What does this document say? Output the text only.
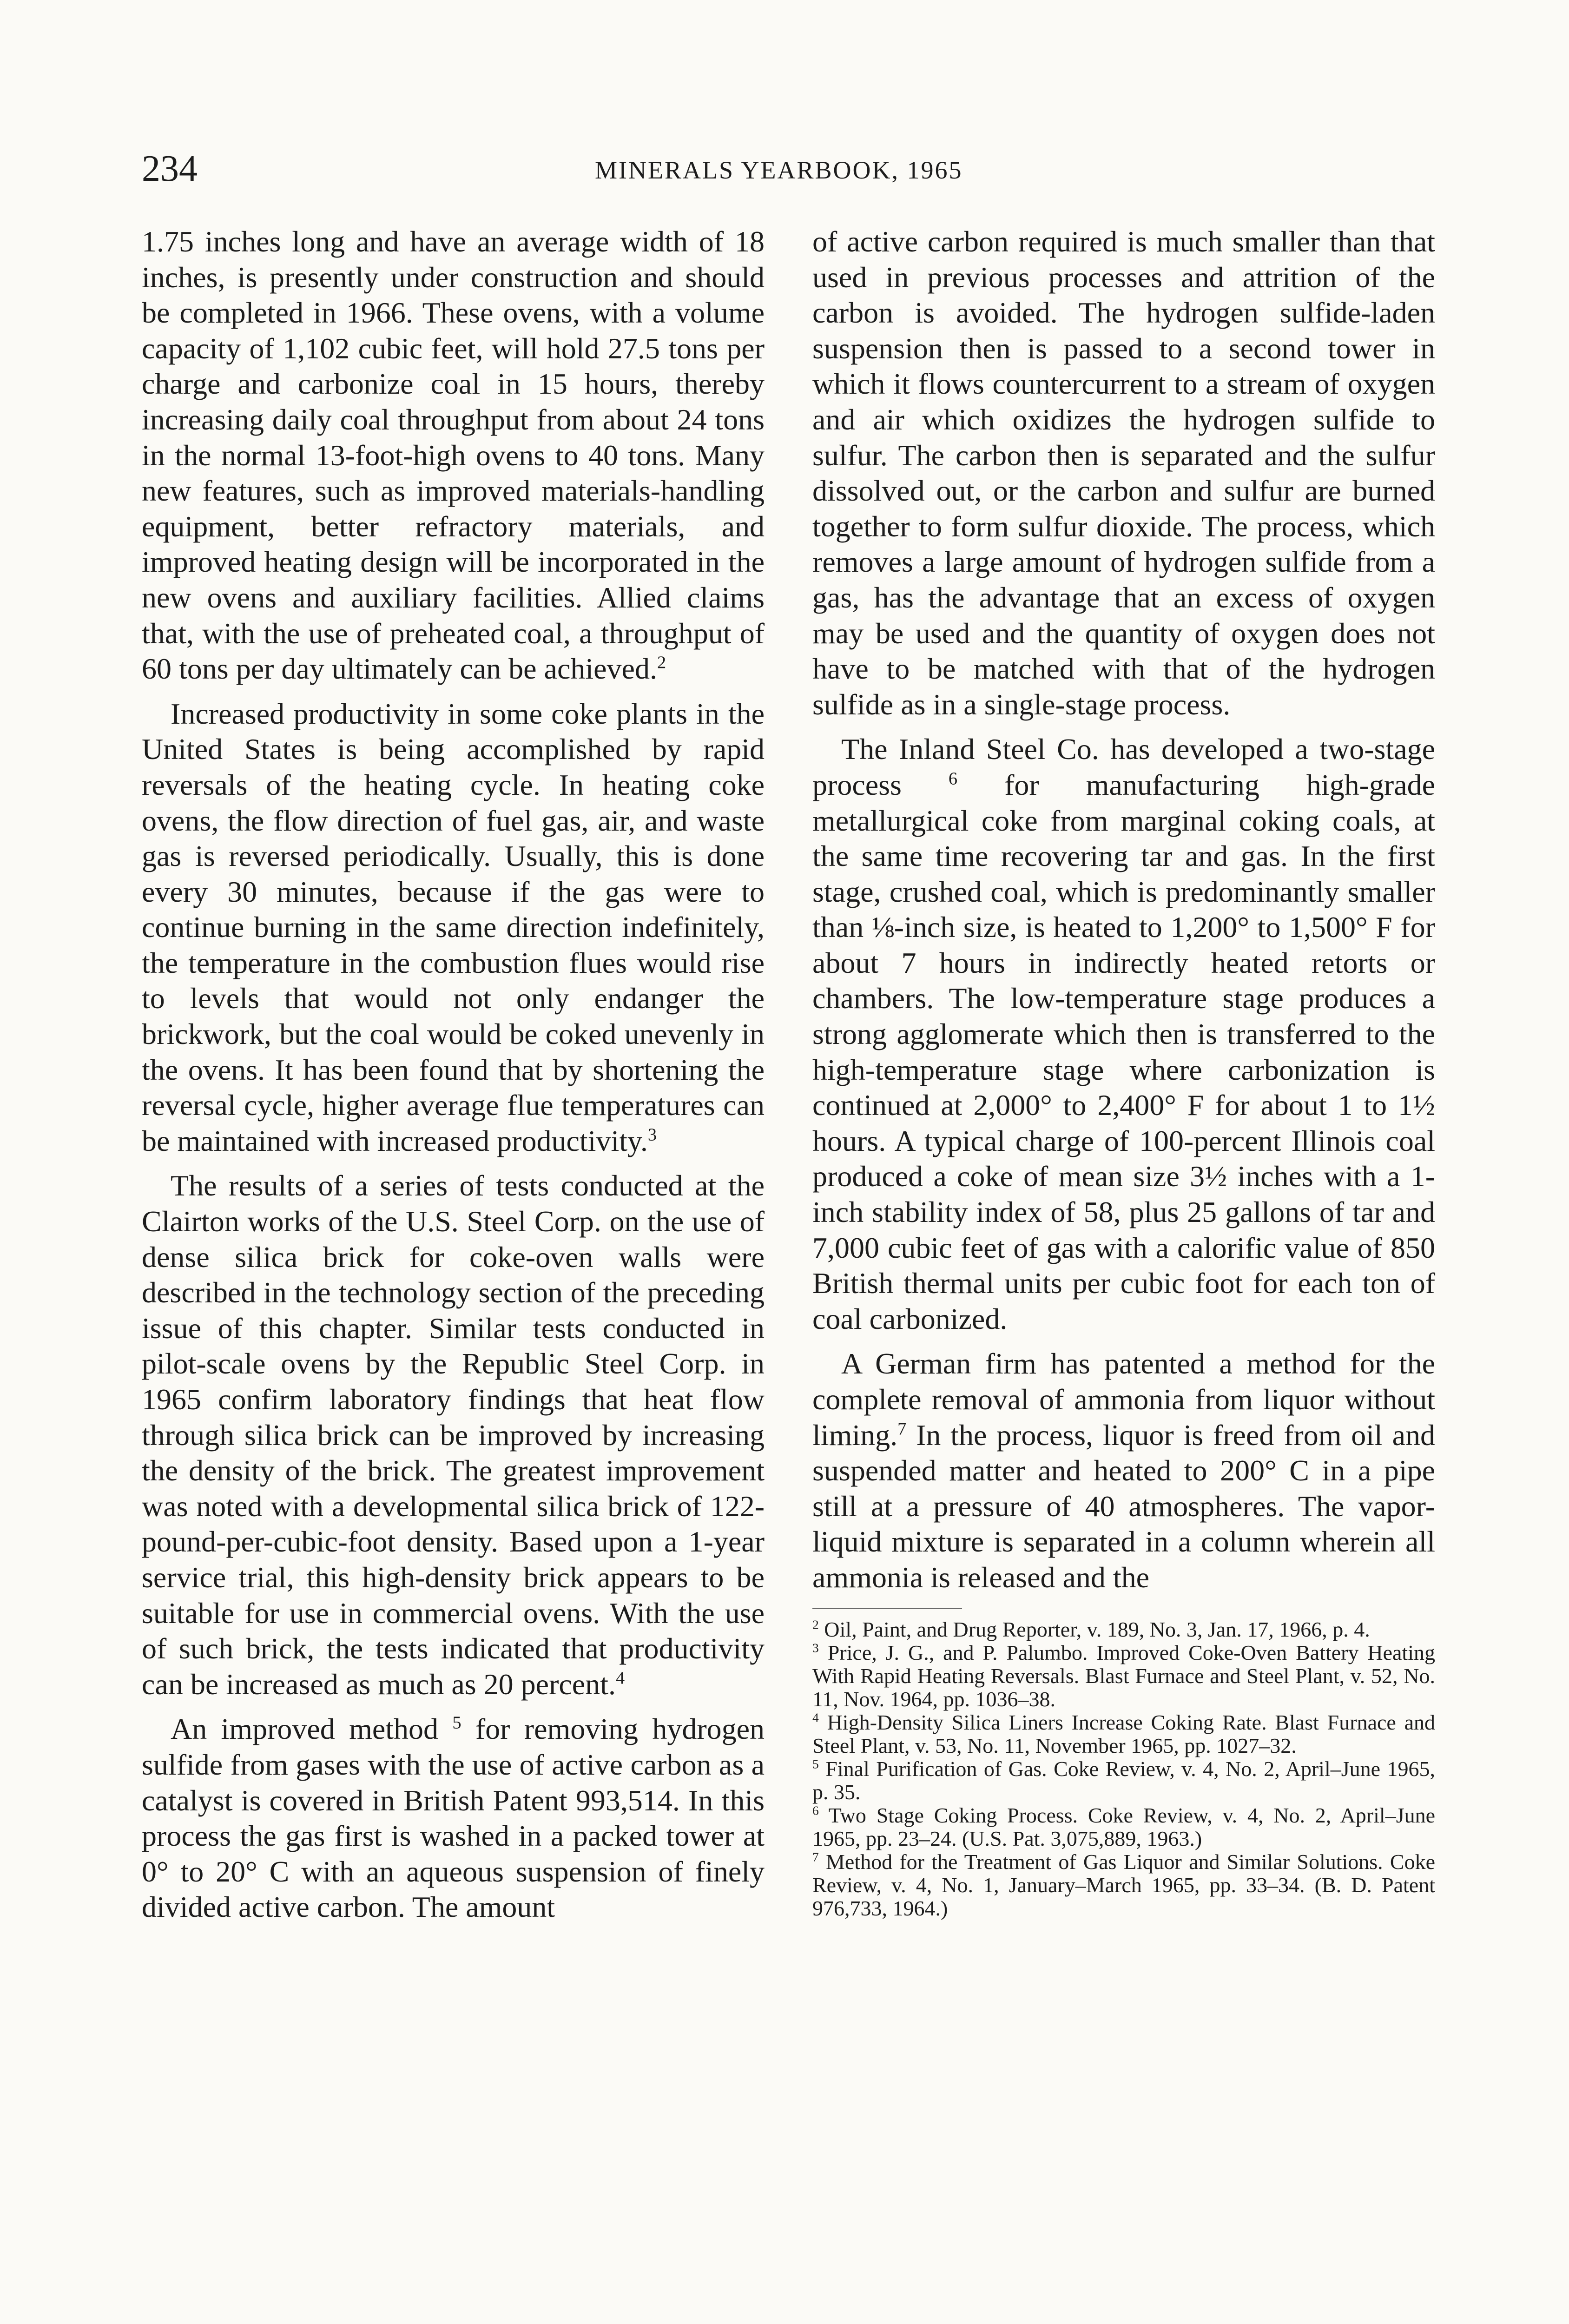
234	MINERALS YEARBOOK, 1965

1.75 inches long and have an average width of 18 inches, is presently under construction and should be completed in 1966. These ovens, with a volume capacity of 1,102 cubic feet, will hold 27.5 tons per charge and carbonize coal in 15 hours, thereby increasing daily coal throughput from about 24 tons in the normal 13-foot-high ovens to 40 tons. Many new features, such as improved materials-handling equipment, better refractory materials, and improved heating design will be incorporated in the new ovens and auxiliary facilities. Allied claims that, with the use of preheated coal, a throughput of 60 tons per day ultimately can be achieved.$^2$

Increased productivity in some coke plants in the United States is being accomplished by rapid reversals of the heating cycle. In heating coke ovens, the flow direction of fuel gas, air, and waste gas is reversed periodically. Usually, this is done every 30 minutes, because if the gas were to continue burning in the same direction indefinitely, the temperature in the combustion flues would rise to levels that would not only endanger the brickwork, but the coal would be coked unevenly in the ovens. It has been found that by shortening the reversal cycle, higher average flue temperatures can be maintained with increased productivity.$^3$

The results of a series of tests conducted at the Clairton works of the U.S. Steel Corp. on the use of dense silica brick for coke-oven walls were described in the technology section of the preceding issue of this chapter. Similar tests conducted in pilot-scale ovens by the Republic Steel Corp. in 1965 confirm laboratory findings that heat flow through silica brick can be improved by increasing the density of the brick. The greatest improvement was noted with a developmental silica brick of 122-pound-per-cubic-foot density. Based upon a 1-year service trial, this high-density brick appears to be suitable for use in commercial ovens. With the use of such brick, the tests indicated that productivity can be increased as much as 20 percent.$^4$

An improved method $^5$ for removing hydrogen sulfide from gases with the use of active carbon as a catalyst is covered in British Patent 993,514. In this process the gas first is washed in a packed tower at 0° to 20° C with an aqueous suspension of finely divided active carbon. The amount

of active carbon required is much smaller than that used in previous processes and attrition of the carbon is avoided. The hydrogen sulfide-laden suspension then is passed to a second tower in which it flows countercurrent to a stream of oxygen and air which oxidizes the hydrogen sulfide to sulfur. The carbon then is separated and the sulfur dissolved out, or the carbon and sulfur are burned together to form sulfur dioxide. The process, which removes a large amount of hydrogen sulfide from a gas, has the advantage that an excess of oxygen may be used and the quantity of oxygen does not have to be matched with that of the hydrogen sulfide as in a single-stage process.

The Inland Steel Co. has developed a two-stage process	$^6$ for manufacturing high-grade metallurgical coke from marginal coking coals, at the same time recovering tar and gas. In the first stage, crushed coal, which is predominantly smaller than ⅛-inch size, is heated to 1,200° to 1,500° F for about 7 hours in indirectly heated retorts or chambers. The low-temperature stage produces a strong agglomerate which then is transferred to the high-temperature stage where carbonization is continued at 2,000° to 2,400° F for about 1 to 1½ hours. A typical charge of 100-percent Illinois coal produced a coke of mean size 3½ inches with a 1-inch stability index of 58, plus 25 gallons of tar and 7,000 cubic feet of gas with a calorific value of 850 British thermal units per cubic foot for each ton of coal carbonized.

A German firm has patented a method for the complete removal of ammonia from liquor without liming.$^7$ In the process, liquor is freed from oil and suspended matter and heated to 200° C in a pipe still at a pressure of 40 atmospheres. The vapor-liquid mixture is separated in a column wherein all ammonia is released and the

$^2$ Oil, Paint, and Drug Reporter, v. 189, No. 3, Jan. 17, 1966, p. 4.

$^3$ Price, J. G., and P. Palumbo. Improved Coke-Oven Battery Heating With Rapid Heating Reversals. Blast Furnace and Steel Plant, v. 52, No. 11, Nov. 1964, pp. 1036–38.

$^4$ High-Density Silica Liners Increase Coking Rate. Blast Furnace and Steel Plant, v. 53, No. 11, November 1965, pp. 1027–32.

$^5$ Final Purification of Gas. Coke Review, v. 4, No. 2, April–June 1965, p. 35.

$^6$ Two Stage Coking Process. Coke Review, v. 4, No. 2, April–June 1965, pp. 23–24. (U.S. Pat. 3,075,889, 1963.)

$^7$ Method for the Treatment of Gas Liquor and Similar Solutions. Coke Review, v. 4, No. 1, January–March 1965, pp. 33–34. (B. D. Patent 976,733, 1964.)
